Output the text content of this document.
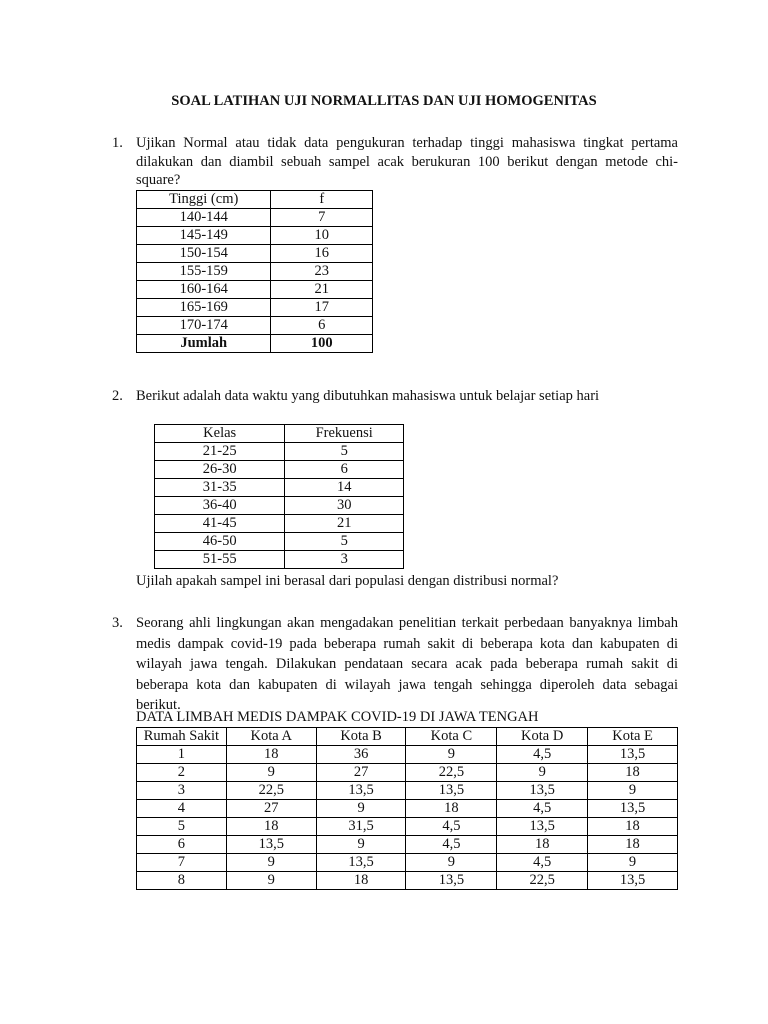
SOAL LATIHAN UJI NORMALLITAS DAN UJI HOMOGENITAS
1. Ujikan Normal atau tidak data pengukuran terhadap tinggi mahasiswa tingkat pertama dilakukan dan diambil sebuah sampel acak berukuran 100 berikut dengan metode chi-square?
Tinggi (cm)	f
140-144	7
145-149	10
150-154	16
155-159	23
160-164	21
165-169	17
170-174	6
Jumlah	100
2. Berikut adalah data waktu yang dibutuhkan mahasiswa untuk belajar setiap hari
Kelas	Frekuensi
21-25	5
26-30	6
31-35	14
36-40	30
41-45	21
46-50	5
51-55	3
Ujilah apakah sampel ini berasal dari populasi dengan distribusi normal?
3. Seorang ahli lingkungan akan mengadakan penelitian terkait perbedaan banyaknya limbah medis dampak covid-19 pada beberapa rumah sakit di beberapa kota dan kabupaten di wilayah jawa tengah. Dilakukan pendataan secara acak pada beberapa rumah sakit di beberapa kota dan kabupaten di wilayah jawa tengah sehingga diperoleh data sebagai berikut.
DATA LIMBAH MEDIS DAMPAK COVID-19 DI JAWA TENGAH
Rumah Sakit	Kota A	Kota B	Kota C	Kota D	Kota E
1	18	36	9	4,5	13,5
2	9	27	22,5	9	18
3	22,5	13,5	13,5	13,5	9
4	27	9	18	4,5	13,5
5	18	31,5	4,5	13,5	18
6	13,5	9	4,5	18	18
7	9	13,5	9	4,5	9
8	9	18	13,5	22,5	13,5
